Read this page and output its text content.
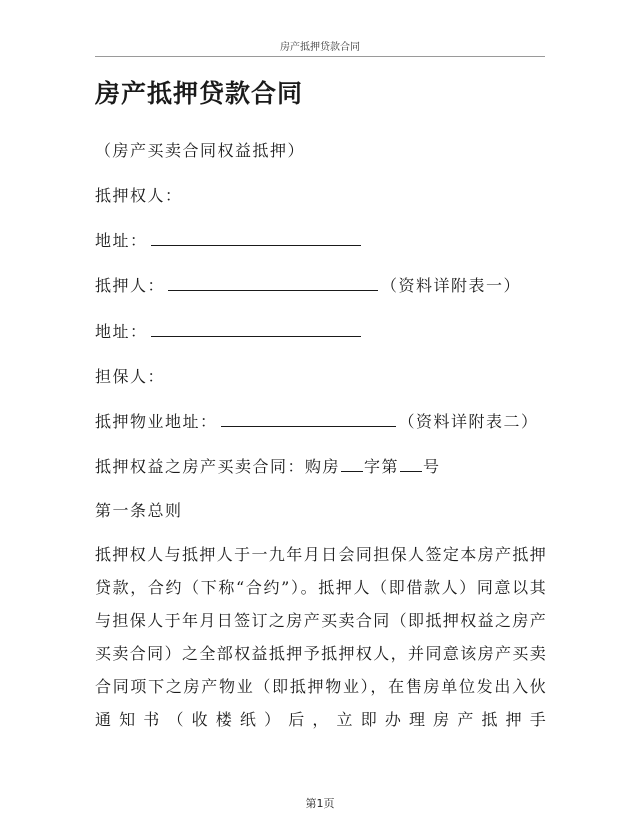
房产抵押贷款合同
房产抵押贷款合同
（房产买卖合同权益抵押）
抵押权人：
地址：
抵押人：	（资料详附表一）
地址：
担保人：
抵押物业地址：	（资料详附表二）
抵押权益之房产买卖合同：购房 字第 号
第一条总则
抵押权人与抵押人于一九年月日会同担保人签定本房产抵押贷款，合约（下称“合约”）。抵押人（即借款人）同意以其与担保人于年月日签订之房产买卖合同（即抵押权益之房产买卖合同）之全部权益抵押予抵押权人，并同意该房产买卖合同项下之房产物业（即抵押物业），在售房单位发出入伙通知书（收楼纸）后，立即办理房产抵押手
第1页
